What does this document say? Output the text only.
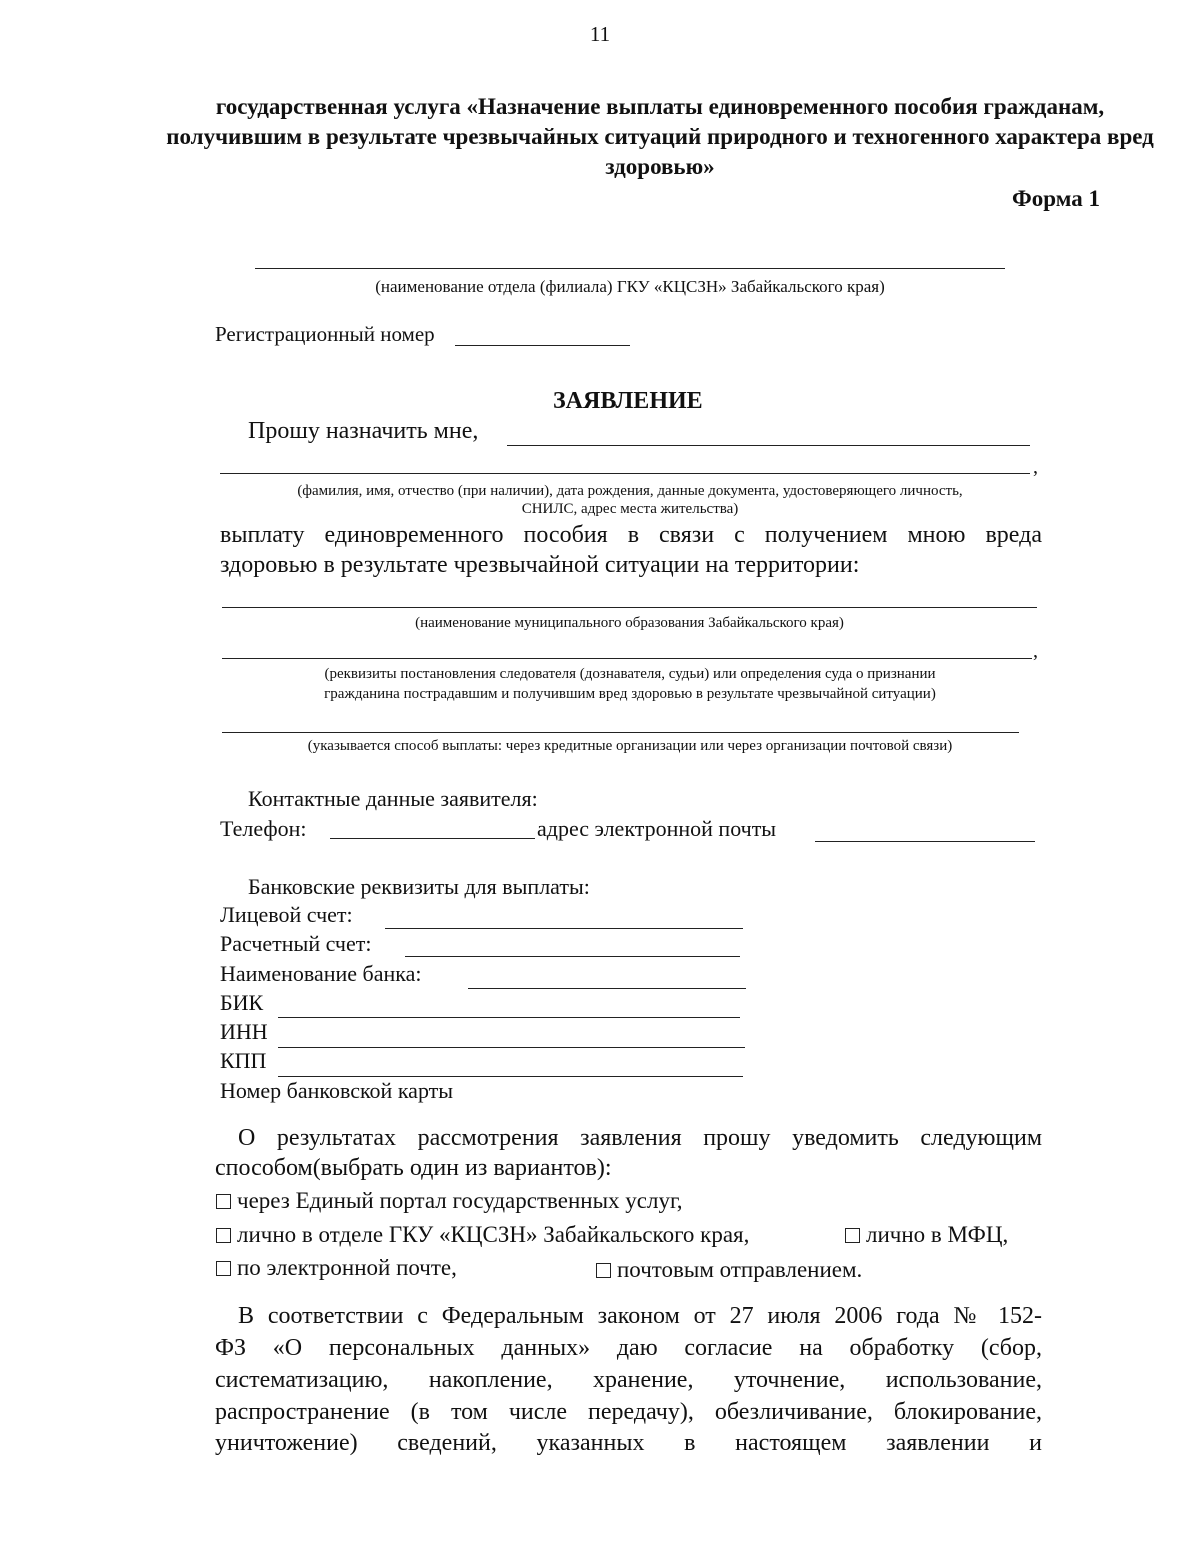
11
государственная услуга «Назначение выплаты единовременного пособия гражданам, получившим в результате чрезвычайных ситуаций природного и техногенного характера вред здоровью»
Форма 1
(наименование отдела (филиала) ГКУ «КЦСЗН» Забайкальского края)
Регистрационный номер
ЗАЯВЛЕНИЕ
Прошу назначить мне,
,
(фамилия, имя, отчество (при наличии), дата рождения, данные документа, удостоверяющего личность,
СНИЛС, адрес места жительства)
выплату единовременного пособия в связи с получением мною вреда
здоровью в результате чрезвычайной ситуации на территории:
(наименование муниципального образования Забайкальского края)
,
(реквизиты постановления следователя (дознавателя, судьи) или определения суда о признании
гражданина пострадавшим и получившим вред здоровью в результате чрезвычайной ситуации)
(указывается способ выплаты: через кредитные организации или через организации почтовой связи)
Контактные данные заявителя:
Телефон:	адрес электронной почты
Банковские реквизиты для выплаты:
Лицевой счет:
Расчетный счет:
Наименование банка:
БИК
ИНН
КПП
Номер банковской карты
О результатах рассмотрения заявления прошу уведомить следующим
способом(выбрать один из вариантов):
через Единый портал государственных услуг,
лично в отделе ГКУ «КЦСЗН» Забайкальского края,	лично в МФЦ,
по электронной почте,	почтовым отправлением.
В соответствии с Федеральным законом от 27 июля 2006 года № 152-
ФЗ «О персональных данных» даю согласие на обработку (сбор,
систематизацию, накопление, хранение, уточнение, использование,
распространение (в том числе передачу), обезличивание, блокирование,
уничтожение) сведений, указанных в настоящем заявлении и
